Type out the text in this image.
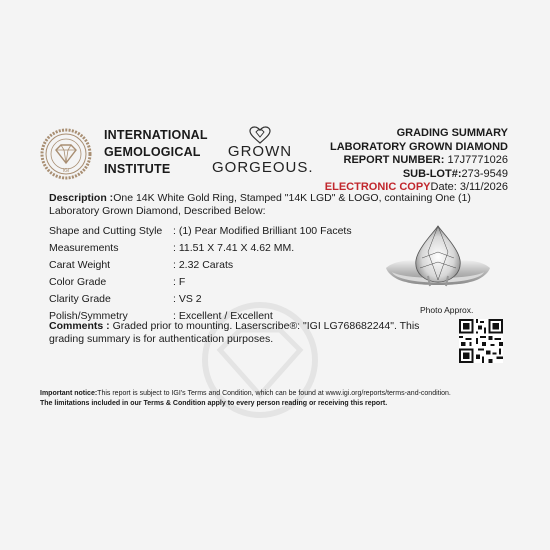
IGI
INTERNATIONAL
GEMOLOGICAL
INSTITUTE
GROWN
GORGEOUS.
GRADING SUMMARY
LABORATORY GROWN DIAMOND
REPORT NUMBER: 17J7771026
SUB-LOT#:273-9549
ELECTRONIC COPYDate: 3/11/2026
Description :One 14K White Gold Ring, Stamped "14K LGD" & LOGO, containing One (1) Laboratory Grown Diamond, Described Below:
Shape and Cutting Style : (1) Pear Modified Brilliant 100 Facets
Measurements	: 11.51 X 7.41 X 4.62 MM.
Carat Weight	: 2.32 Carats
Color Grade	: F
Clarity Grade	: VS 2
Polish/Symmetry	: Excellent / Excellent	Photo Approx.
Comments : Graded prior to mounting. Laserscribe®: "IGI LG768682244". This grading summary is for authentication purposes.
Important notice:This report is subject to IGI's Terms and Condition, which can be found at www.igi.org/reports/terms-and-condition.
The limitations included in our Terms & Condition apply to every person reading or receiving this report.
